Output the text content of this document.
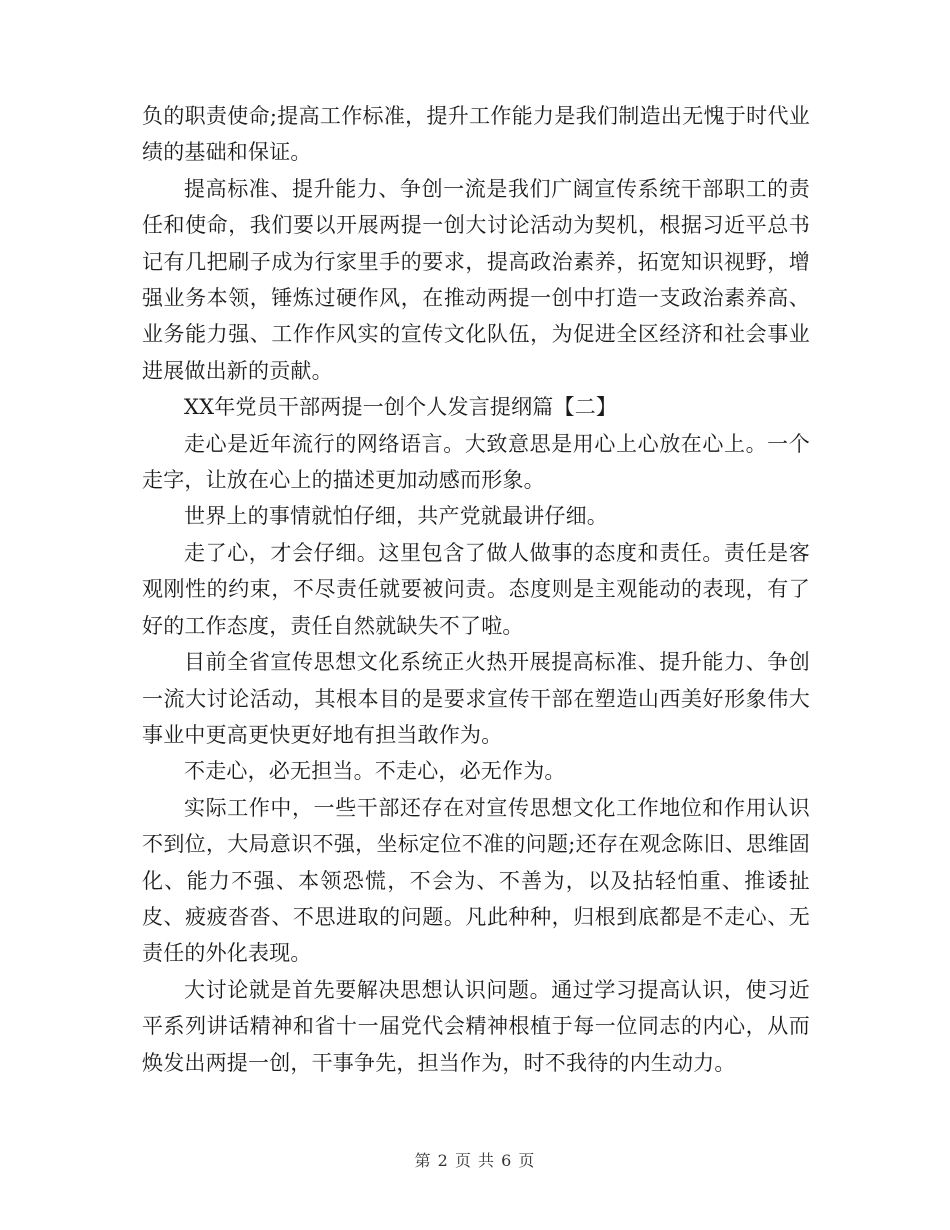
负的职责使命;提高工作标准，提升工作能力是我们制造出无愧于时代业绩的基础和保证。

提高标准、提升能力、争创一流是我们广阔宣传系统干部职工的责任和使命，我们要以开展两提一创大讨论活动为契机，根据习近平总书记有几把刷子成为行家里手的要求，提高政治素养，拓宽知识视野，增强业务本领，锤炼过硬作风，在推动两提一创中打造一支政治素养高、业务能力强、工作作风实的宣传文化队伍，为促进全区经济和社会事业进展做出新的贡献。

XX年党员干部两提一创个人发言提纲篇【二】

走心是近年流行的网络语言。大致意思是用心上心放在心上。一个走字，让放在心上的描述更加动感而形象。

世界上的事情就怕仔细，共产党就最讲仔细。

走了心，才会仔细。这里包含了做人做事的态度和责任。责任是客观刚性的约束，不尽责任就要被问责。态度则是主观能动的表现，有了好的工作态度，责任自然就缺失不了啦。

目前全省宣传思想文化系统正火热开展提高标准、提升能力、争创一流大讨论活动，其根本目的是要求宣传干部在塑造山西美好形象伟大事业中更高更快更好地有担当敢作为。

不走心，必无担当。不走心，必无作为。

实际工作中，一些干部还存在对宣传思想文化工作地位和作用认识不到位，大局意识不强，坐标定位不准的问题;还存在观念陈旧、思维固化、能力不强、本领恐慌，不会为、不善为，以及拈轻怕重、推诿扯皮、疲疲沓沓、不思进取的问题。凡此种种，归根到底都是不走心、无责任的外化表现。

大讨论就是首先要解决思想认识问题。通过学习提高认识，使习近平系列讲话精神和省十一届党代会精神根植于每一位同志的内心，从而焕发出两提一创，干事争先，担当作为，时不我待的内生动力。

第 2 页 共 6 页
